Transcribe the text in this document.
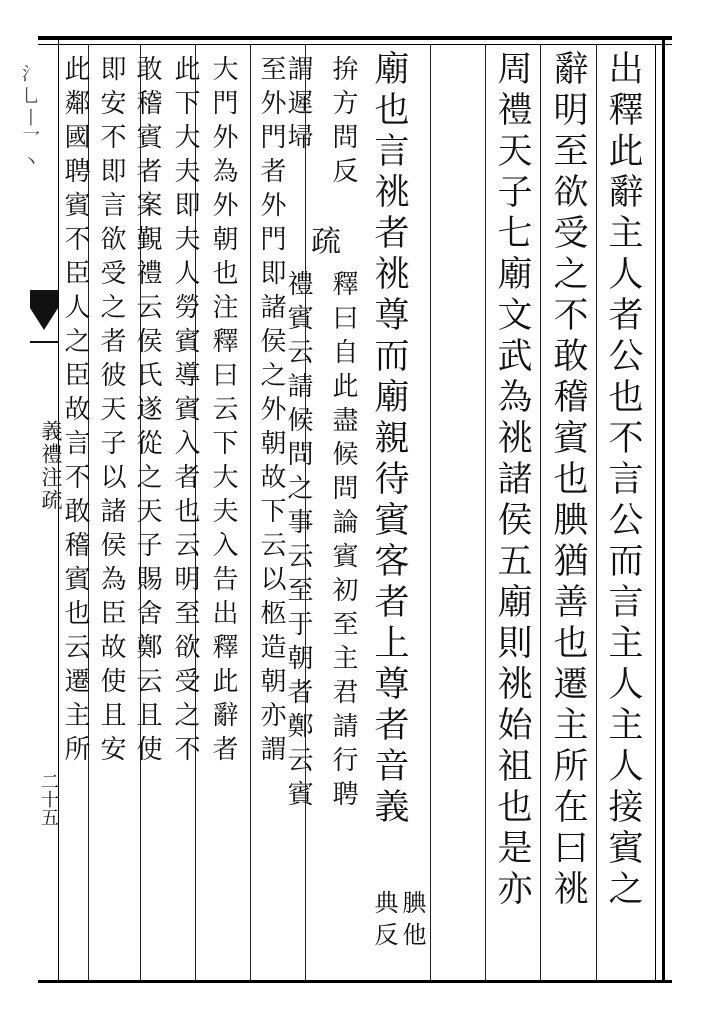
氵乚丨乛丶
義禮注疏
二十五	出釋此辭主人者公也不言公而言主人主人接賓之
辭明至欲受之不敢稽賓也腆猶善也遷主所在曰祧
周禮天子七廟文武為祧諸侯五廟則祧始祖也是亦
廟也言祧者祧尊而廟親待賓客者上尊者音義
腆他
典反
拚方問反
謂遲埽
疏
釋曰自此盡候問論賓初至主君請行聘
禮賓云請候問之事云至于朝者鄭云賓
至外門者外門即諸侯之外朝故下云以柩造朝亦謂
大門外為外朝也注釋曰云下大夫入告出釋此辭者
此下大夫即夫人勞賓導賓入者也云明至欲受之不
敢稽賓者案覲禮云侯氏遂從之天子賜舍鄭云且使
即安不即言欲受之者彼天子以諸侯為臣故使且安
此鄰國聘賓不臣人之臣故言不敢稽賓也云遷主所
